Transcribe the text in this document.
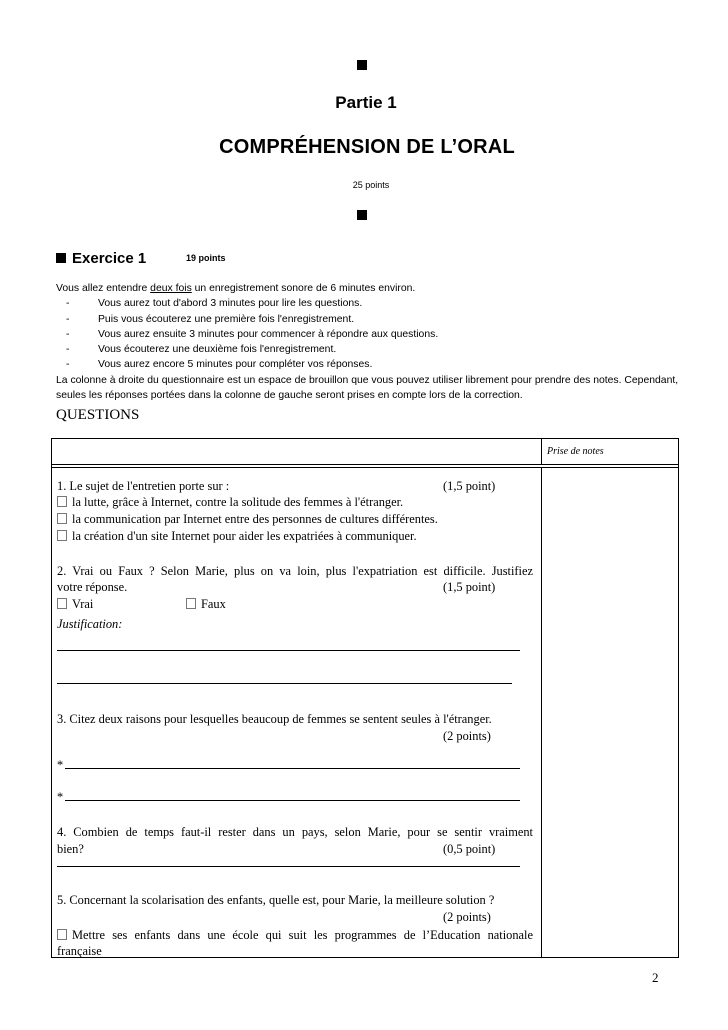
Partie 1
COMPRÉHENSION DE L’ORAL
25 points
Exercice 1	19 points

Vous allez entendre deux fois un enregistrement sonore de 6 minutes environ.

-	Vous aurez tout d'abord 3 minutes pour lire les questions.
-	Puis vous écouterez une première fois l'enregistrement.
-	Vous aurez ensuite 3 minutes pour commencer à répondre aux questions.
-	Vous écouterez une deuxième fois l'enregistrement.
-	Vous aurez encore 5 minutes pour compléter vos réponses.

La colonne à droite du questionnaire est un espace de brouillon que vous pouvez utiliser librement pour prendre des notes. Cependant,

seules les réponses portées dans la colonne de gauche seront prises en compte lors de la correction.

QUESTIONS
Prise de notes
1. Le sujet de l'entretien porte sur :	(1,5 point)
la lutte, grâce à Internet, contre la solitude des femmes à l'étranger.
la communication par Internet entre des personnes de cultures différentes.
la création d'un site Internet pour aider les expatriées à communiquer.
2. Vrai ou Faux ? Selon Marie, plus on va loin, plus l'expatriation est difficile. Justifiez
votre réponse.	(1,5 point)
Vrai	Faux
Justification:
3. Citez deux raisons pour lesquelles beaucoup de femmes se sentent seules à l'étranger.
(2 points)
*
*
4. Combien de temps faut-il rester dans un pays, selon Marie, pour se sentir vraiment
bien?	(0,5 point)
5. Concernant la scolarisation des enfants, quelle est, pour Marie, la meilleure solution ?
(2 points)
Mettre ses enfants dans une école qui suit les programmes de l’Education nationale
française
2
